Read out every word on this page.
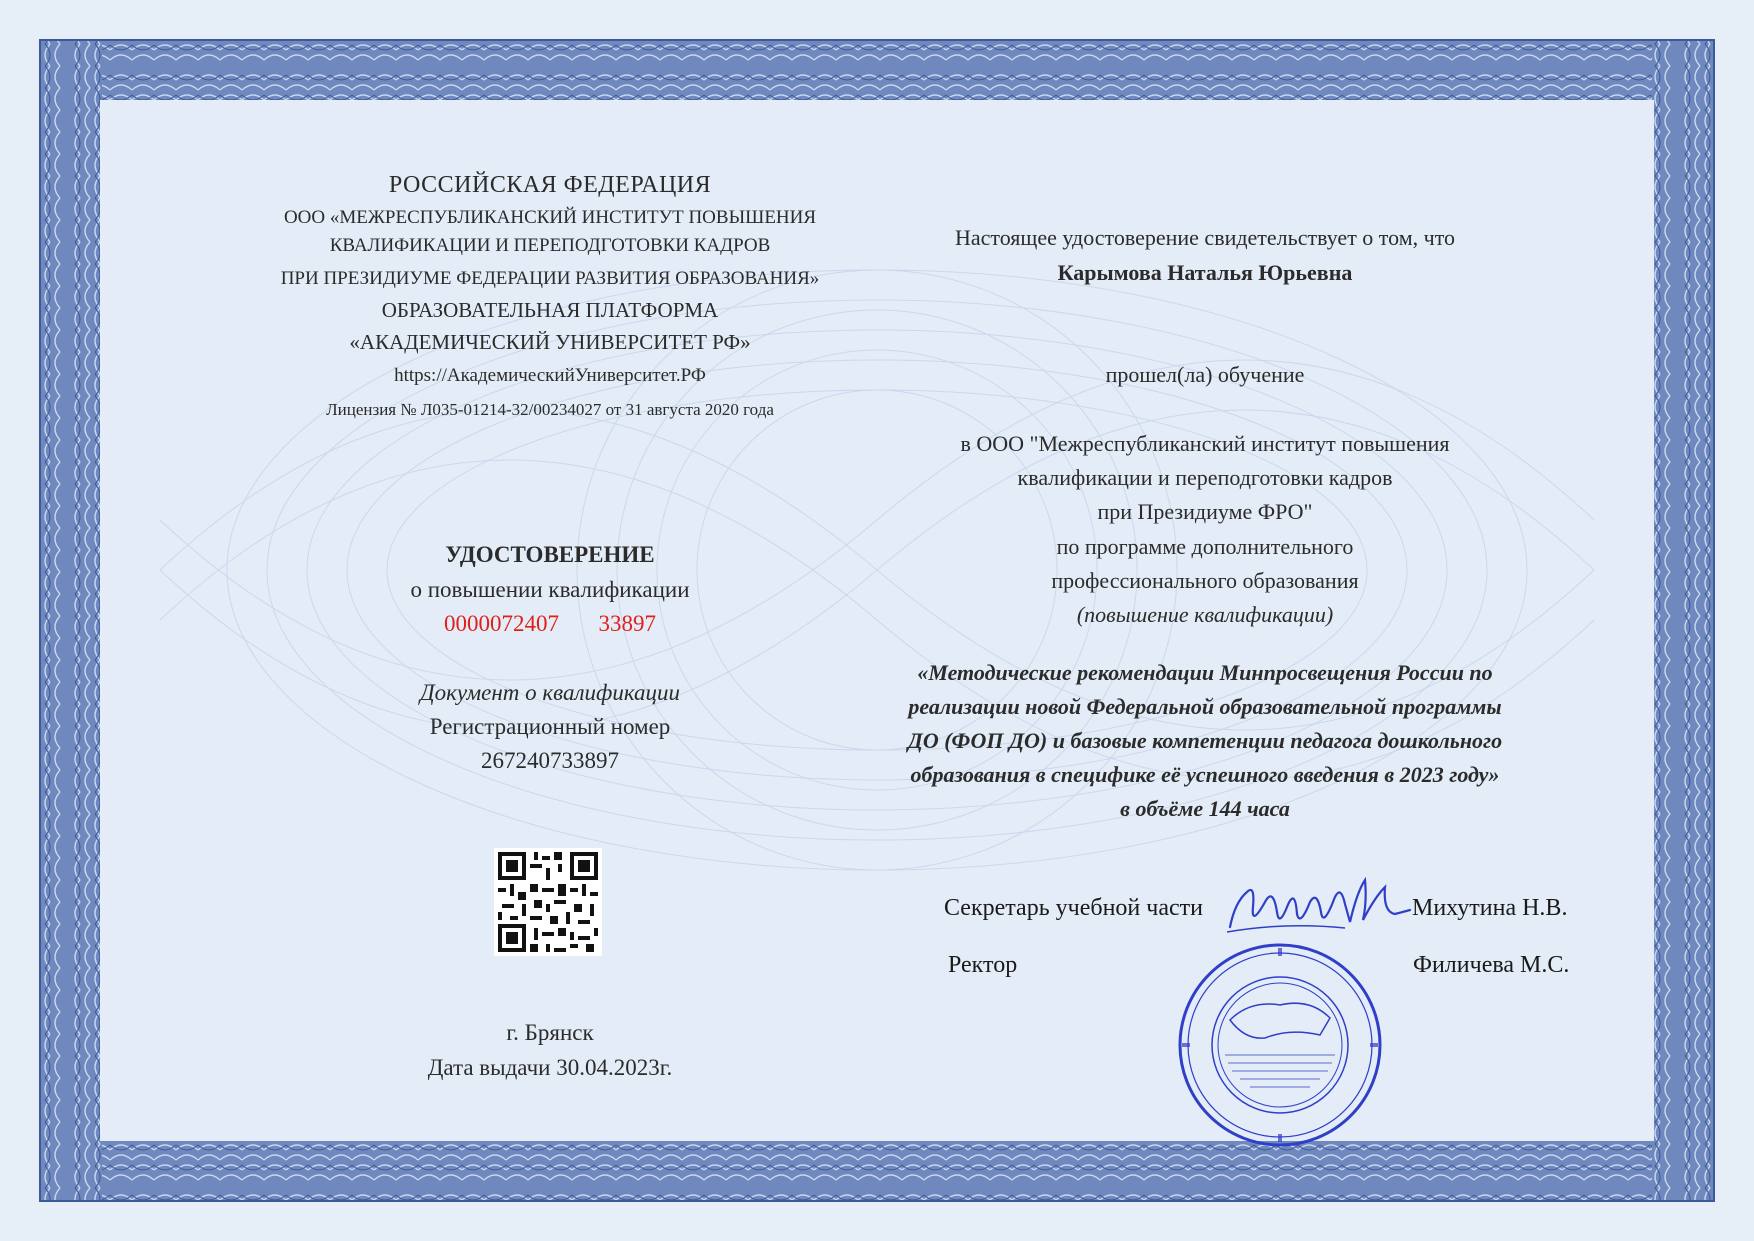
РОССИЙСКАЯ ФЕДЕРАЦИЯ
ООО «МЕЖРЕСПУБЛИКАНСКИЙ ИНСТИТУТ ПОВЫШЕНИЯ
КВАЛИФИКАЦИИ И ПЕРЕПОДГОТОВКИ КАДРОВ
ПРИ ПРЕЗИДИУМЕ ФЕДЕРАЦИИ РАЗВИТИЯ ОБРАЗОВАНИЯ»
ОБРАЗОВАТЕЛЬНАЯ ПЛАТФОРМА
«АКАДЕМИЧЕСКИЙ УНИВЕРСИТЕТ РФ»
https://АкадемическийУниверситет.РФ
Лицензия № Л035-01214-32/00234027 от 31 августа 2020 года
УДОСТОВЕРЕНИЕ
о повышении квалификации
0000072407 33897
Документ о квалификации
Регистрационный номер
267240733897
г. Брянск
Дата выдачи 30.04.2023г.
Настоящее удостоверение свидетельствует о том, что
Карымова Наталья Юрьевна
прошел(ла) обучение
в ООО "Межреспубликанский институт повышения
квалификации и переподготовки кадров
при Президиуме ФРО"
по программе дополнительного
профессионального образования
(повышение квалификации)
«Методические рекомендации Минпросвещения России по
реализации новой Федеральной образовательной программы
ДО (ФОП ДО) и базовые компетенции педагога дошкольного
образования в специфике её успешного введения в 2023 году»
в объёме 144 часа
Секретарь учебной части	Михутина Н.В.
Ректор	Филичева М.С.
